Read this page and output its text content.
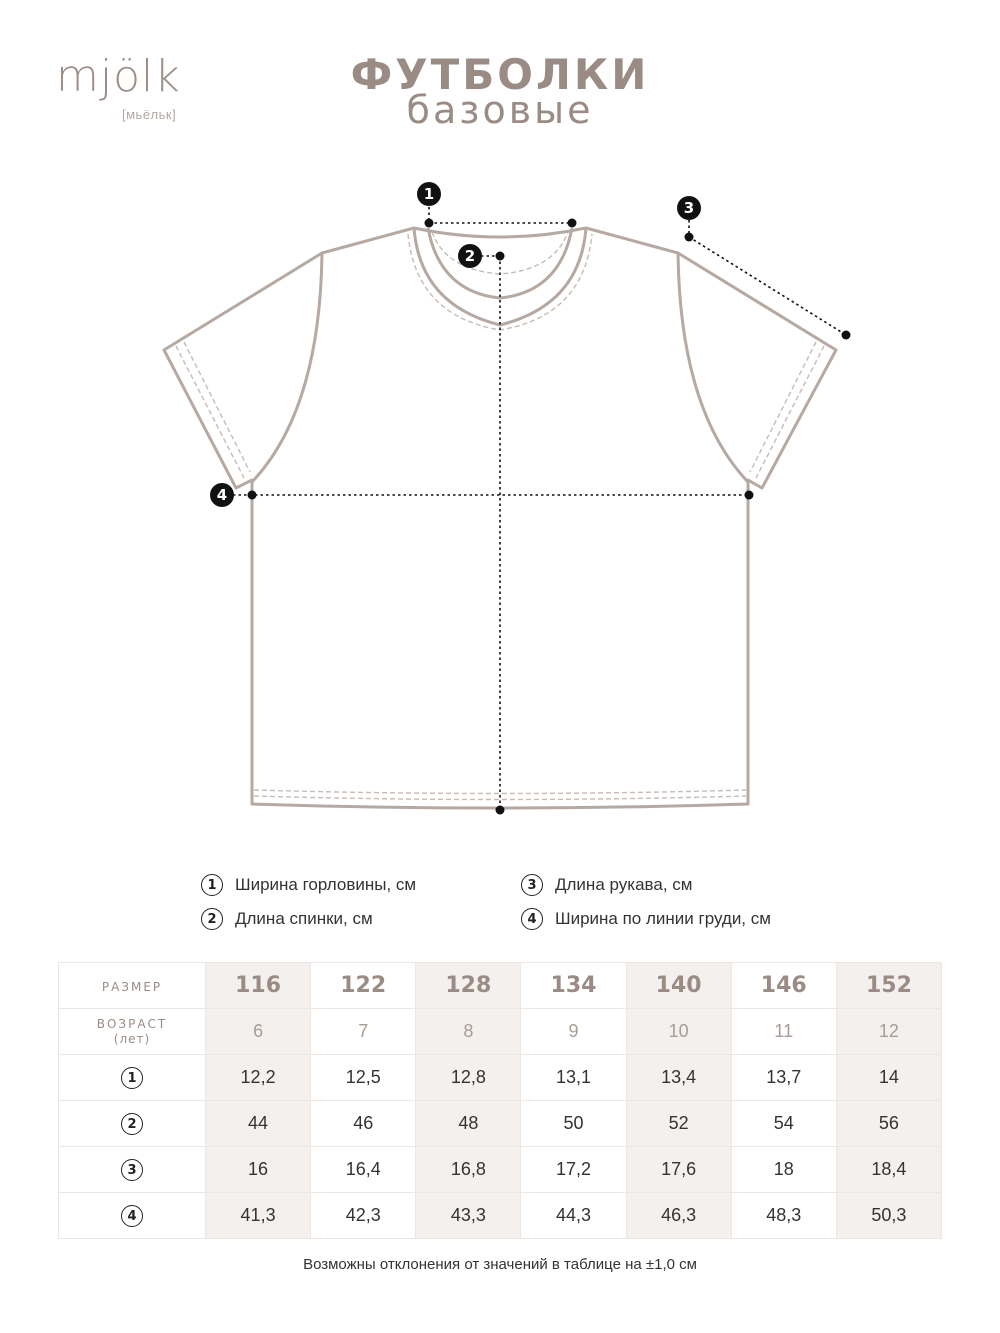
mjölk
[мьёльк]
ФУТБОЛКИ
базовые
1
2
3
4
1	Ширина горловины, см
2	Длина спинки, см
3	Длина рукава, см
4	Ширина по линии груди, см
РАЗМЕР	116	122	128	134	140	146	152

ВОЗРАСТ
(лет)	6	7	8	9	10	11	12
1	12,2	12,5	12,8	13,1	13,4	13,7	14
2	44	46	48	50	52	54	56
3	16	16,4	16,8	17,2	17,6	18	18,4
4	41,3	42,3	43,3	44,3	46,3	48,3	50,3
Возможны отклонения от значений в таблице на ±1,0 см
